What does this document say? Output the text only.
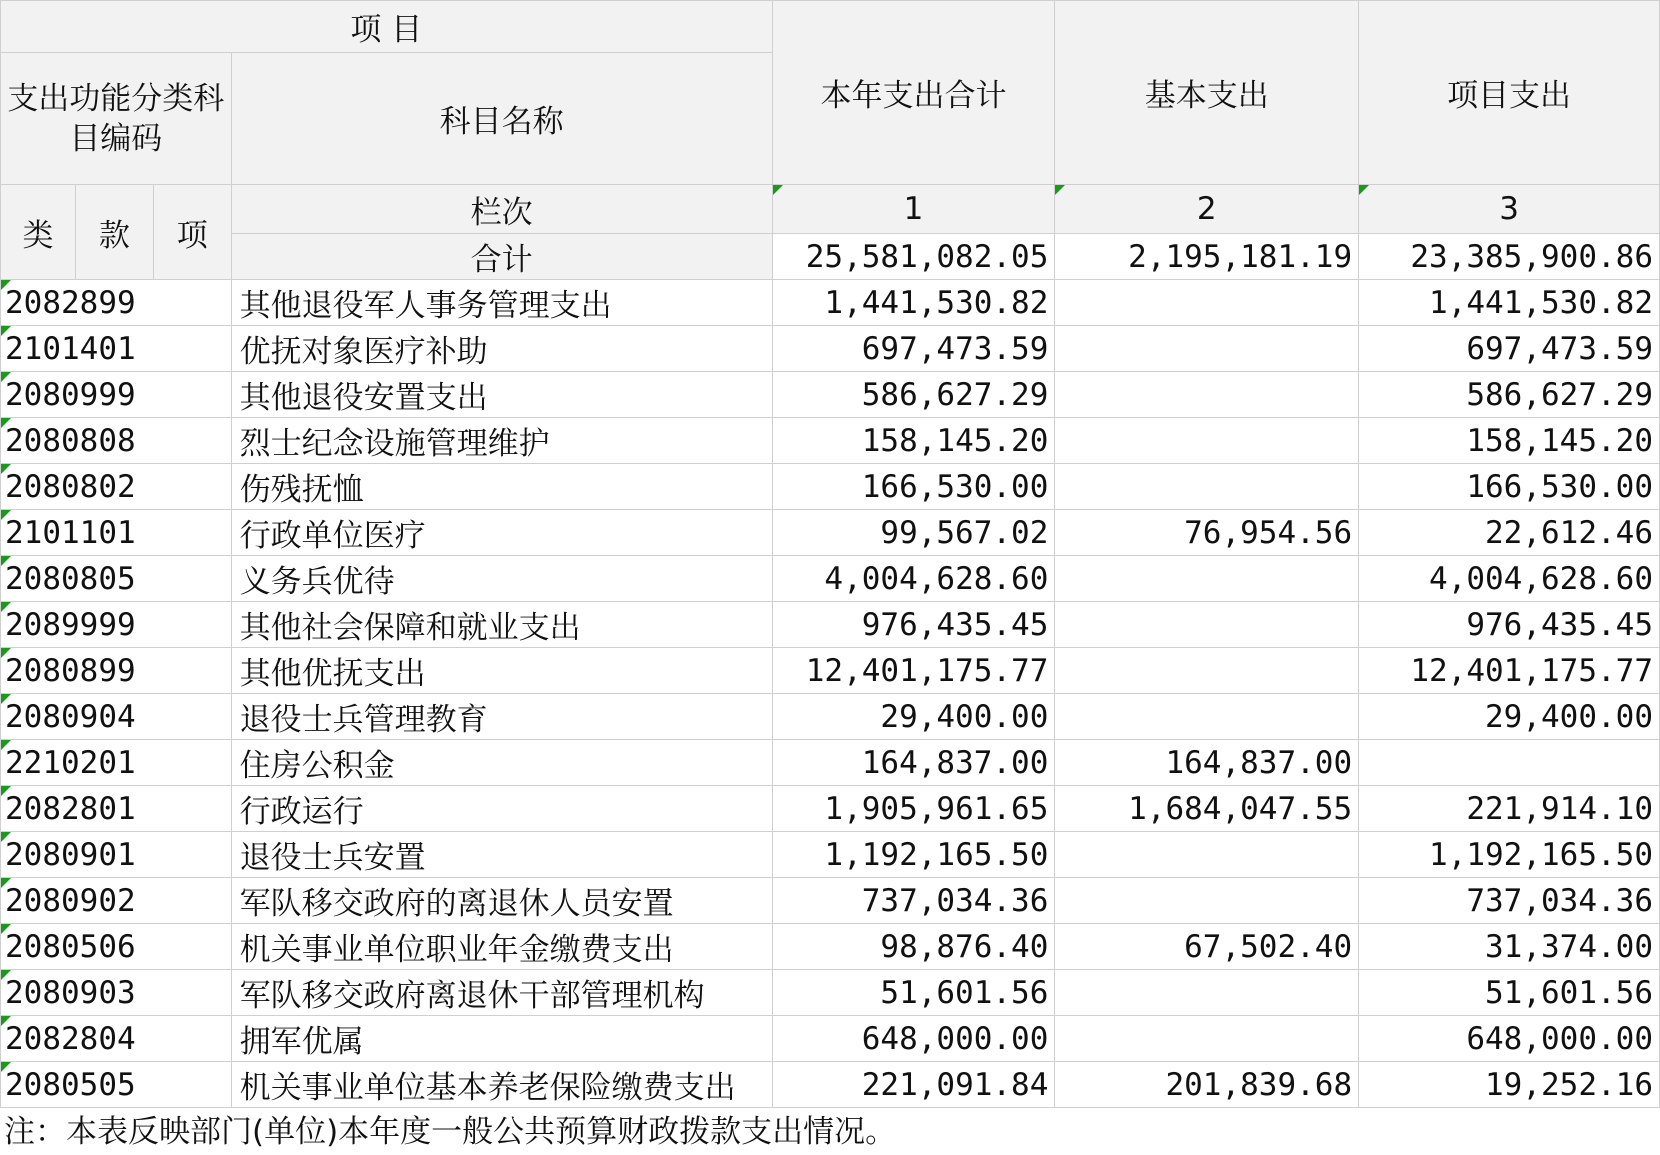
项 目				本年支出合计	基本支出	项目支出
支出功能分类科目编码			科目名称			
类	款	项	栏次	1	2	3
			合计	25,581,082.05	2,195,181.19	23,385,900.86
2082899			其他退役军人事务管理支出	1,441,530.82		1,441,530.82
2101401			优抚对象医疗补助	697,473.59		697,473.59
2080999			其他退役安置支出	586,627.29		586,627.29
2080808			烈士纪念设施管理维护	158,145.20		158,145.20
2080802			伤残抚恤	166,530.00		166,530.00
2101101			行政单位医疗	99,567.02	76,954.56	22,612.46
2080805			义务兵优待	4,004,628.60		4,004,628.60
2089999			其他社会保障和就业支出	976,435.45		976,435.45
2080899			其他优抚支出	12,401,175.77		12,401,175.77
2080904			退役士兵管理教育	29,400.00		29,400.00
2210201			住房公积金	164,837.00	164,837.00	
2082801			行政运行	1,905,961.65	1,684,047.55	221,914.10
2080901			退役士兵安置	1,192,165.50		1,192,165.50
2080902			军队移交政府的离退休人员安置	737,034.36		737,034.36
2080506			机关事业单位职业年金缴费支出	98,876.40	67,502.40	31,374.00
2080903			军队移交政府离退休干部管理机构	51,601.56		51,601.56
2082804			拥军优属	648,000.00		648,000.00
2080505			机关事业单位基本养老保险缴费支出	221,091.84	201,839.68	19,252.16
注：本表反映部门(单位)本年度一般公共预算财政拨款支出情况。
